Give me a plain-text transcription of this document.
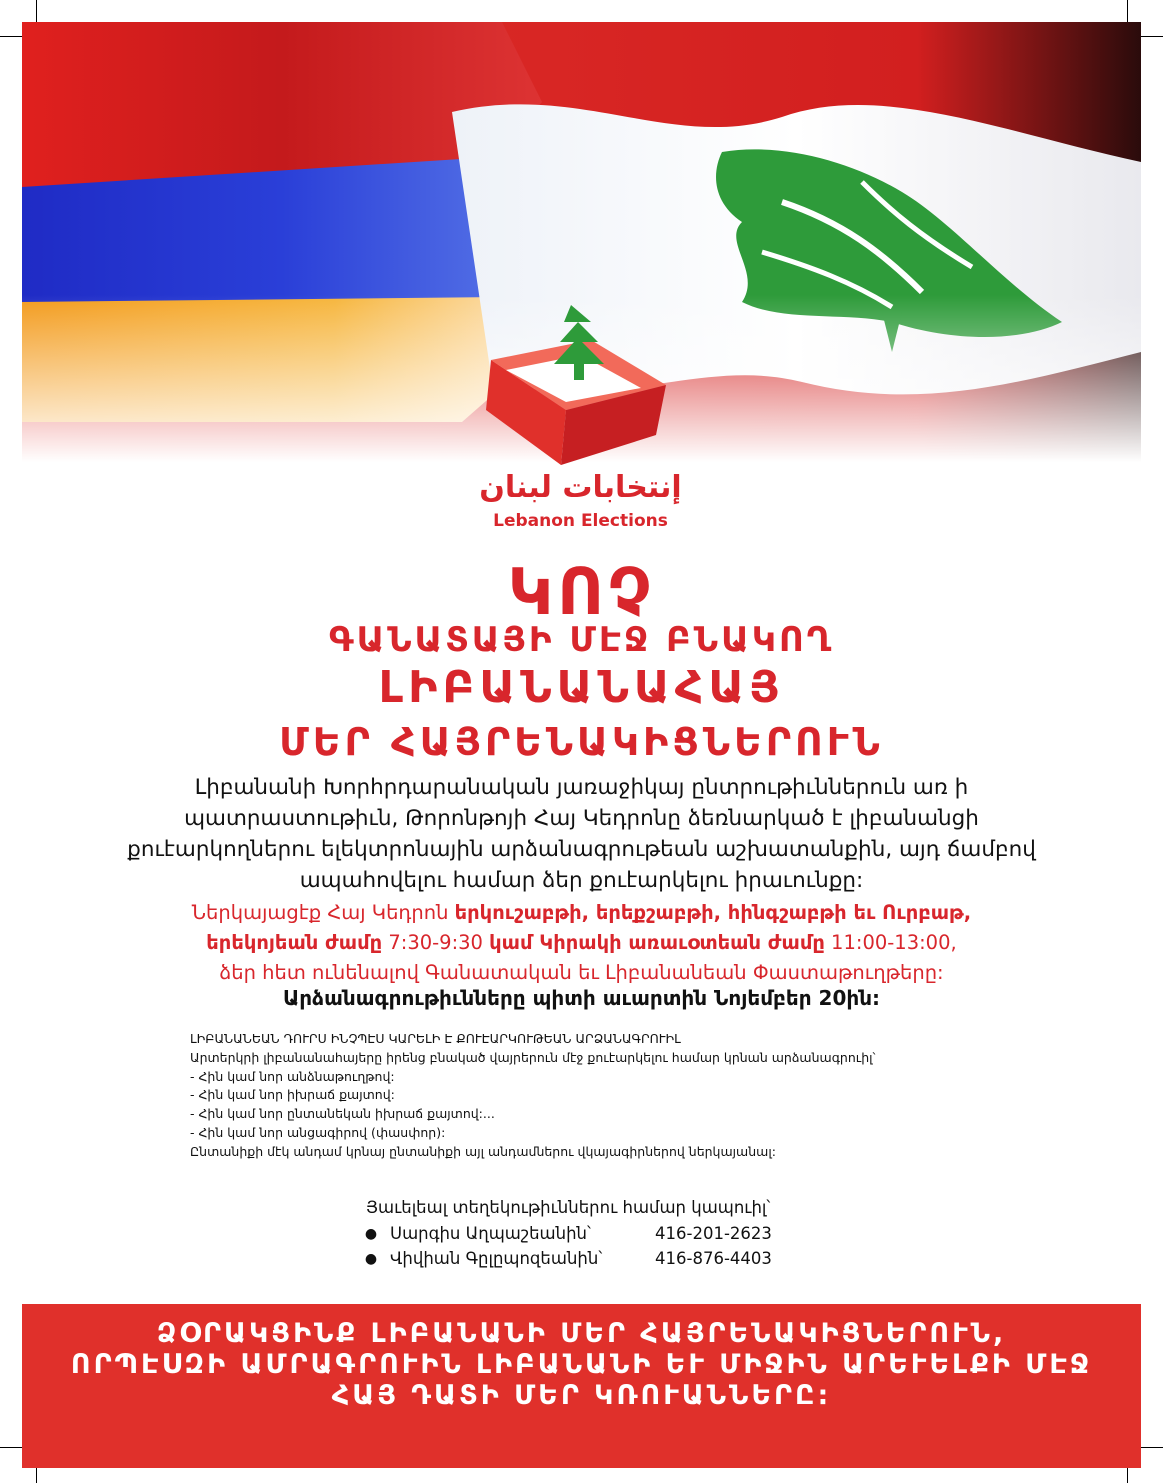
إنتخابات لبنان
Lebanon Elections
ԿՈՉ
ԳԱՆԱՏԱՅԻ ՄԷՋ ԲՆԱԿՈՂ
ԼԻԲԱՆԱՆԱՀԱՅ
ՄԵՐ ՀԱՅՐԵՆԱԿԻՑՆԵՐՈՒՆ
Լիբանանի Խորհրդարանական յառաջիկայ ընտրութիւններուն առ ի
պատրաստութիւն, Թորոնթոյի Հայ Կեդրոնը ձեռնարկած է լիբանանցի
քուէարկողներու ելեկտրոնային արձանագրութեան աշխատանքին, այդ ճամբով
ապահովելու համար ձեր քուէարկելու իրաւունքը:
Ներկայացէք Հայ Կեդրոն երկուշաբթի, երեքշաբթի, հինգշաբթի եւ Ուրբաթ,
երեկոյեան ժամը 7:30-9:30 կամ Կիրակի առաւօտեան ժամը 11:00-13:00,
ձեր հետ ունենալով Գանատական եւ Լիբանանեան Փաստաթուղթերը:
Արձանագրութիւնները պիտի աւարտին Նոյեմբեր 20ին:
ԼԻԲԱՆԱՆԵԱՆ ԴՈՒՐՍ ԻՆՉՊԷՍ ԿԱՐԵԼԻ Է ՔՈՒԷԱՐԿՈՒԹԵԱՆ ԱՐՁԱՆԱԳՐՈՒԻԼ
Արտերկրի լիբանանահայերը իրենց բնակած վայրերուն մէջ քուէարկելու համար կրնան արձանագրուիլ՝
- Հին կամ նոր անձնաթուղթով:
- Հին կամ նոր իխրաճ քայտով:
- Հին կամ նոր ընտանեկան իխրաճ քայտով:...
- Հին կամ նոր անցագիրով (փասփոր):
Ընտանիքի մէկ անդամ կրնայ ընտանիքի այլ անդամներու վկայագիրներով ներկայանալ:
Յաւելեալ տեղեկութիւններու համար կապուիլ՝
● Սարգիս Աղպաշեանին՝	416-201-2623
● Վիվիան Գըլըպոզեանին՝	416-876-4403
ՁՕՐԱԿՑԻՆՔ ԼԻԲԱՆԱՆԻ ՄԵՐ ՀԱՅՐԵՆԱԿԻՑՆԵՐՈՒՆ,
ՈՐՊԷՍԶԻ ԱՄՐԱԳՐՈՒԻՆ ԼԻԲԱՆԱՆԻ ԵՒ ՄԻՋԻՆ ԱՐԵՒԵԼՔԻ ՄԷՋ
ՀԱՅ ԴԱՏԻ ՄԵՐ ԿՌՈՒԱՆՆԵՐԸ:
